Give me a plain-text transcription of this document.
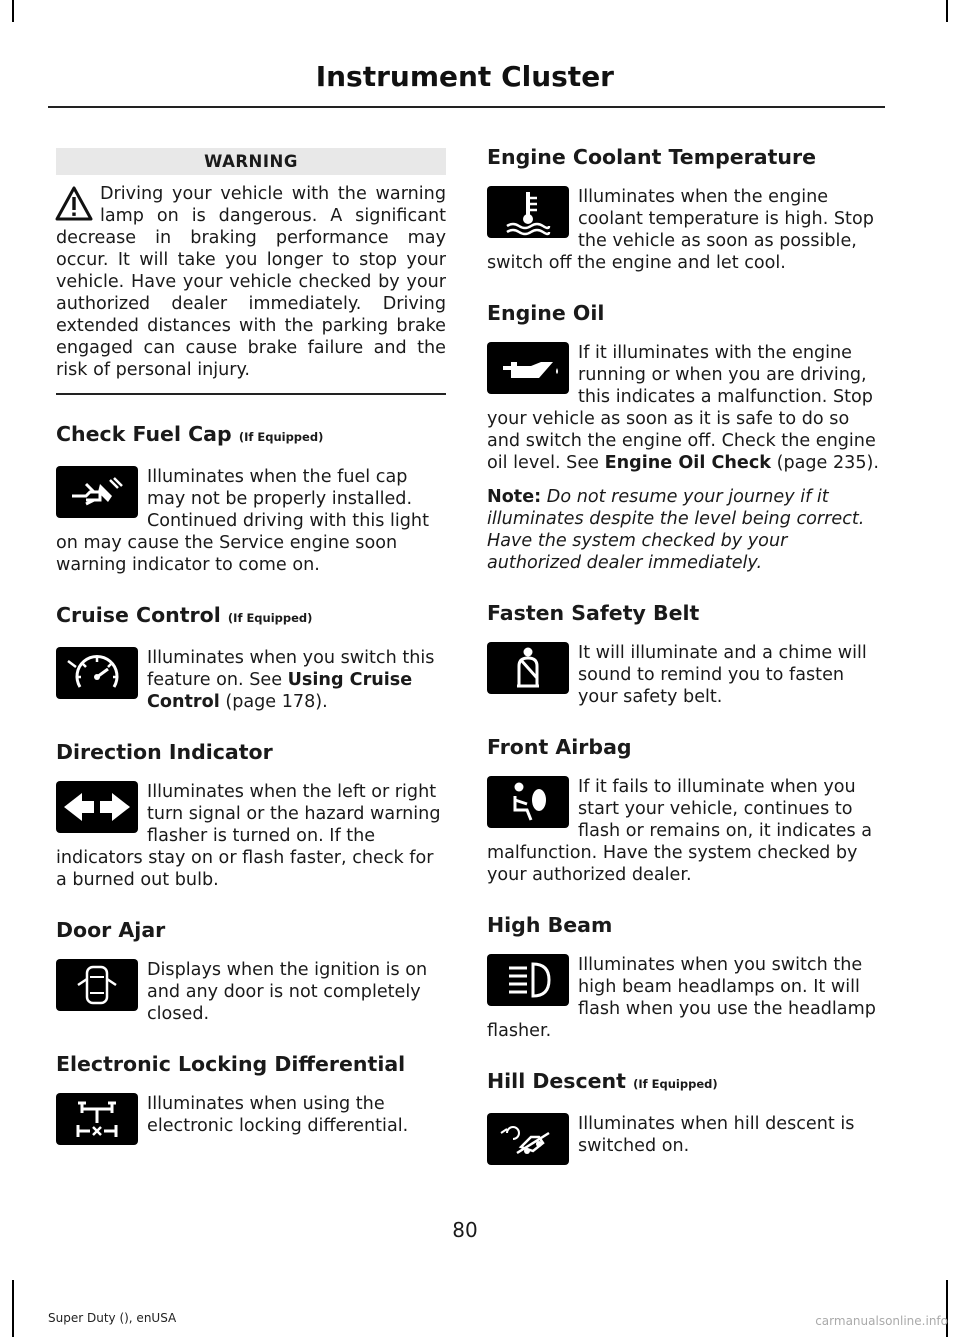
Instrument Cluster
WARNING

Driving your vehicle with the warning lamp on is dangerous. A significant decrease in braking performance may occur. It will take you longer to stop your vehicle. Have your vehicle checked by your authorized dealer immediately. Driving extended distances with the parking brake engaged can cause brake failure and the risk of personal injury.

Check Fuel Cap (If Equipped)

Illuminates when the fuel cap may not be properly installed. Continued driving with this light on may cause the Service engine soon warning indicator to come on.

Cruise Control (If Equipped)

Illuminates when you switch this feature on. See Using Cruise Control (page 178).

Direction Indicator

Illuminates when the left or right turn signal or the hazard warning flasher is turned on. If the indicators stay on or flash faster, check for a burned out bulb.

Door Ajar

Displays when the ignition is on and any door is not completely closed.

Electronic Locking Differential

Illuminates when using the electronic locking differential.

Engine Coolant Temperature

Illuminates when the engine coolant temperature is high. Stop the vehicle as soon as possible, switch off the engine and let cool.

Engine Oil

If it illuminates with the engine running or when you are driving, this indicates a malfunction. Stop your vehicle as soon as it is safe to do so and switch the engine off. Check the engine oil level. See Engine Oil Check (page 235).

Note: Do not resume your journey if it illuminates despite the level being correct. Have the system checked by your authorized dealer immediately.

Fasten Safety Belt

It will illuminate and a chime will sound to remind you to fasten your safety belt.

Front Airbag

If it fails to illuminate when you start your vehicle, continues to flash or remains on, it indicates a malfunction. Have the system checked by your authorized dealer.

High Beam

Illuminates when you switch the high beam headlamps on. It will flash when you use the headlamp flasher.

Hill Descent (If Equipped)

Illuminates when hill descent is switched on.

80
Super Duty (), enUSA	carmanualsonline.info
